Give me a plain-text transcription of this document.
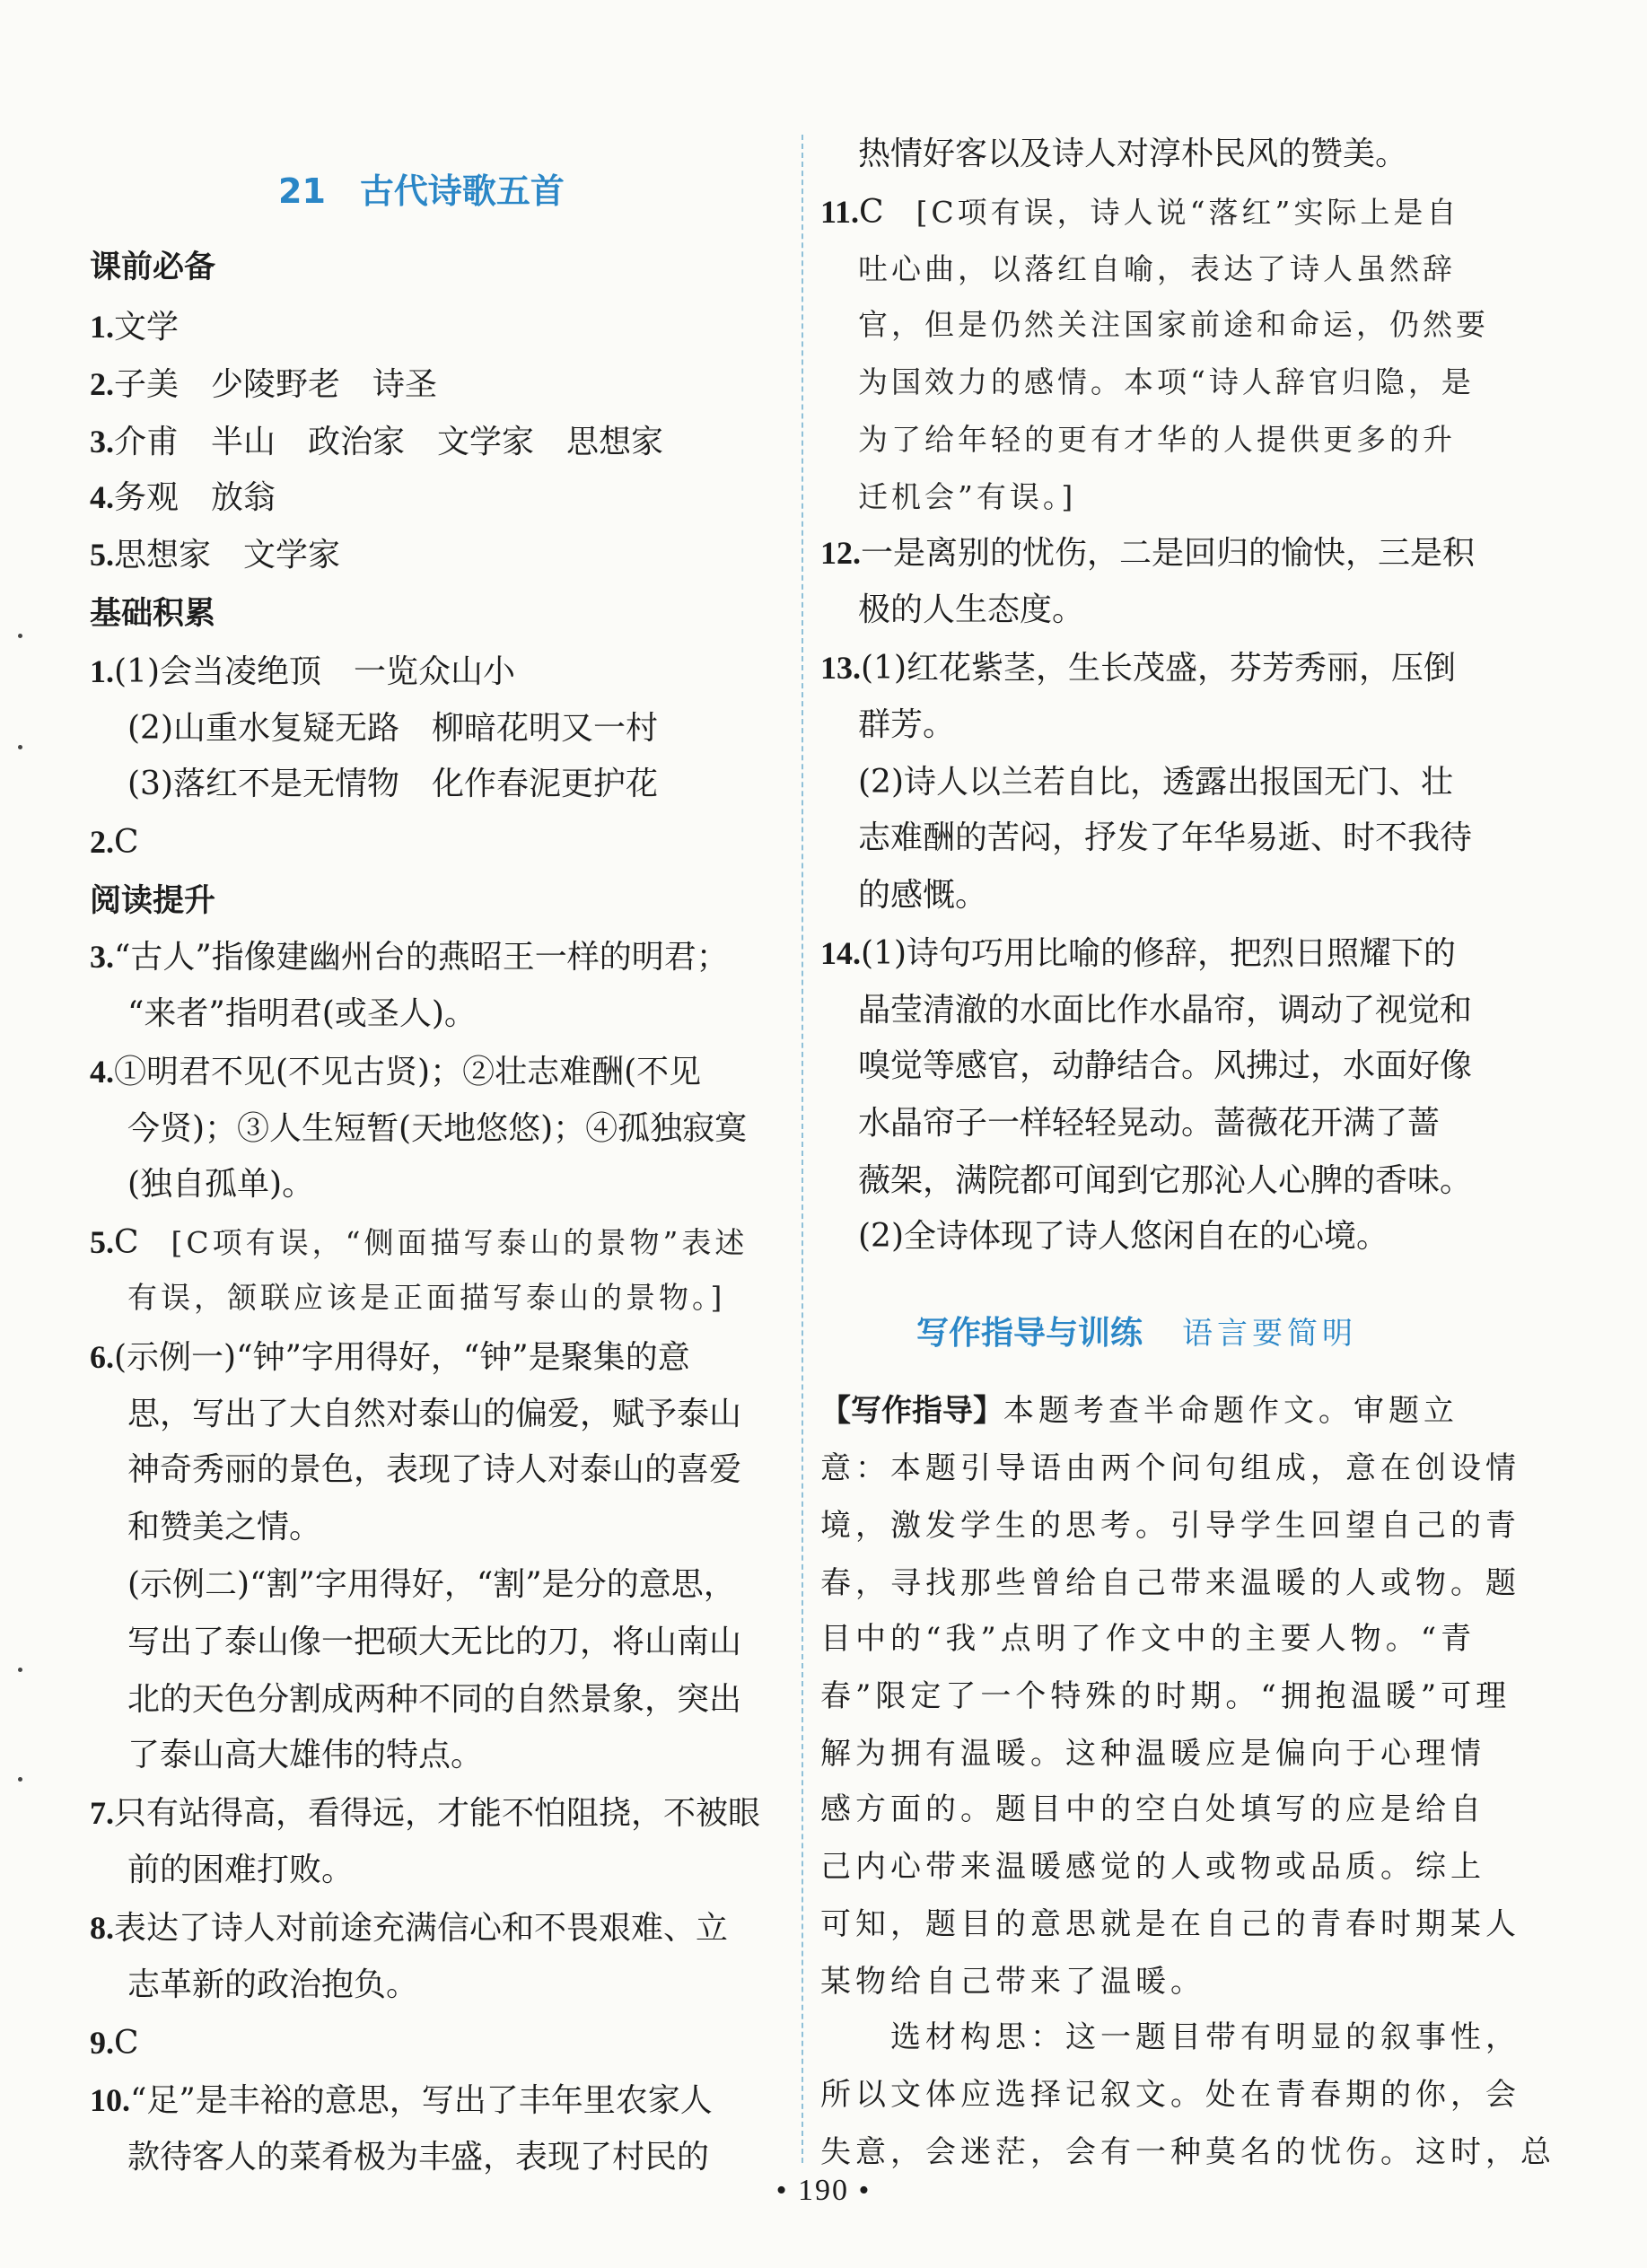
21 古代诗歌五首
课前必备
基础积累
阅读提升
1.文学
2.子美　少陵野老　诗圣
3.介甫　半山　政治家　文学家　思想家
4.务观　放翁
5.思想家　文学家
1.(1)会当凌绝顶　一览众山小
(2)山重水复疑无路　柳暗花明又一村
(3)落红不是无情物　化作春泥更护花
2.C
3.“古人”指像建幽州台的燕昭王一样的明君；
“来者”指明君(或圣人)。
4.①明君不见(不见古贤)；②壮志难酬(不见
今贤)；③人生短暂(天地悠悠)；④孤独寂寞
(独自孤单)。
5.C　[C项有误，“侧面描写泰山的景物”表述
有误，颔联应该是正面描写泰山的景物。]
6.(示例一)“钟”字用得好，“钟”是聚集的意
思，写出了大自然对泰山的偏爱，赋予泰山
神奇秀丽的景色，表现了诗人对泰山的喜爱
和赞美之情。
(示例二)“割”字用得好，“割”是分的意思，
写出了泰山像一把硕大无比的刀，将山南山
北的天色分割成两种不同的自然景象，突出
了泰山高大雄伟的特点。
7.只有站得高，看得远，才能不怕阻挠，不被眼
前的困难打败。
8.表达了诗人对前途充满信心和不畏艰难、立
志革新的政治抱负。
9.C
10.“足”是丰裕的意思，写出了丰年里农家人
款待客人的菜肴极为丰盛，表现了村民的
热情好客以及诗人对淳朴民风的赞美。
11.C　[C项有误，诗人说“落红”实际上是自
吐心曲，以落红自喻，表达了诗人虽然辞
官，但是仍然关注国家前途和命运，仍然要
为国效力的感情。本项“诗人辞官归隐，是
为了给年轻的更有才华的人提供更多的升
迁机会”有误。]
12.一是离别的忧伤，二是回归的愉快，三是积
极的人生态度。
13.(1)红花紫茎，生长茂盛，芬芳秀丽，压倒
群芳。
(2)诗人以兰若自比，透露出报国无门、壮
志难酬的苦闷，抒发了年华易逝、时不我待
的感慨。
14.(1)诗句巧用比喻的修辞，把烈日照耀下的
晶莹清澈的水面比作水晶帘，调动了视觉和
嗅觉等感官，动静结合。风拂过，水面好像
水晶帘子一样轻轻晃动。蔷薇花开满了蔷
薇架，满院都可闻到它那沁人心脾的香味。
(2)全诗体现了诗人悠闲自在的心境。
写作指导与训练 语言要简明
【写作指导】本题考查半命题作文。审题立
意：本题引导语由两个问句组成，意在创设情
境，激发学生的思考。引导学生回望自己的青
春，寻找那些曾给自己带来温暖的人或物。题
目中的“我”点明了作文中的主要人物。“青
春”限定了一个特殊的时期。“拥抱温暖”可理
解为拥有温暖。这种温暖应是偏向于心理情
感方面的。题目中的空白处填写的应是给自
己内心带来温暖感觉的人或物或品质。综上
可知，题目的意思就是在自己的青春时期某人
某物给自己带来了温暖。
选材构思：这一题目带有明显的叙事性，
所以文体应选择记叙文。处在青春期的你，会
失意，会迷茫，会有一种莫名的忧伤。这时，总
• 190 •
